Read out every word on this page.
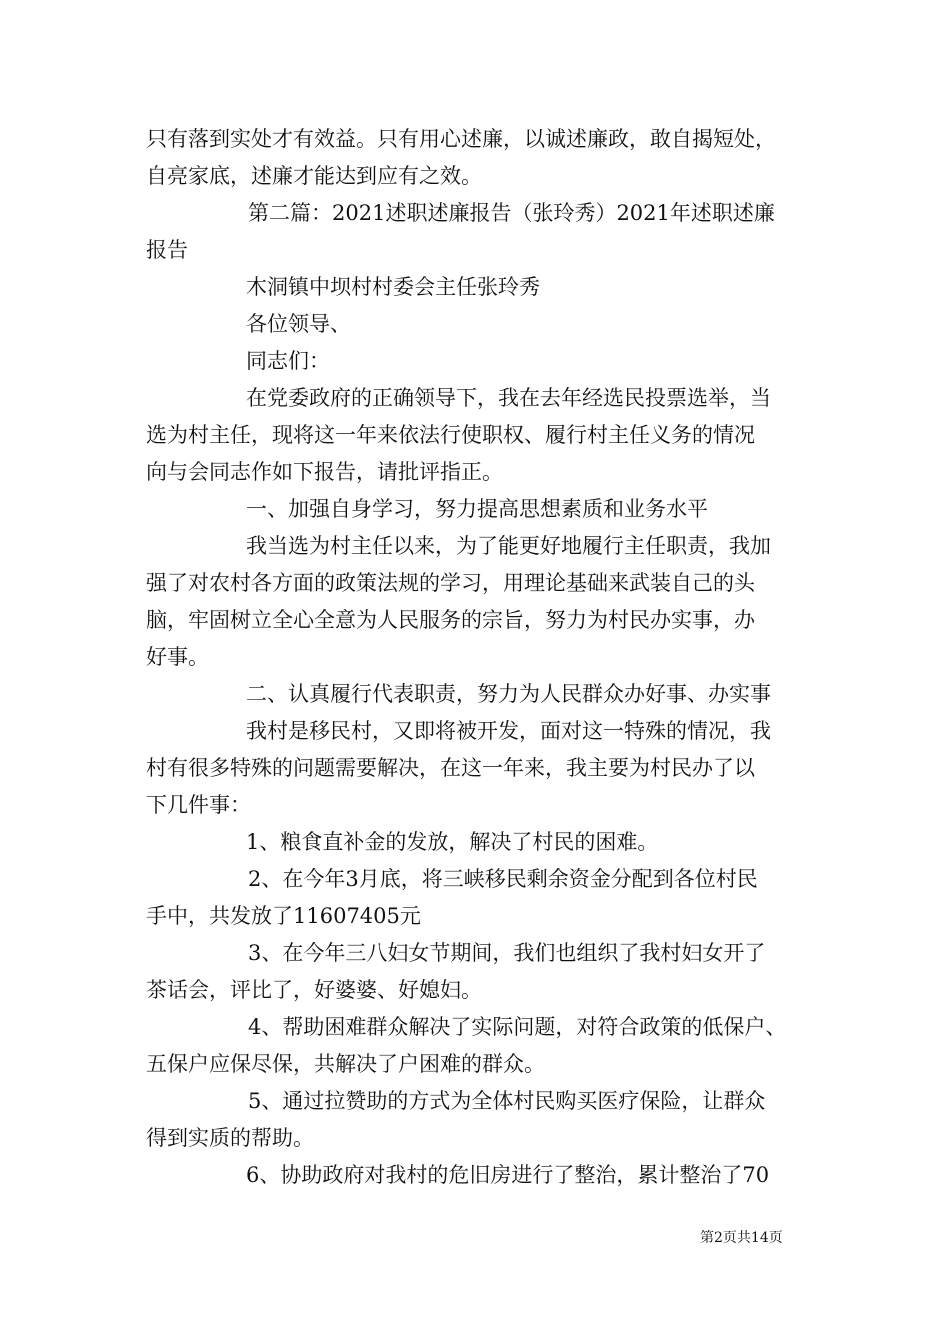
只有落到实处才有效益。只有用心述廉，以诚述廉政，敢自揭短处，
自亮家底，述廉才能达到应有之效。
第二篇：2021述职述廉报告（张玲秀）2021年述职述廉
报告
木洞镇中坝村村委会主任张玲秀
各位领导、
同志们：
在党委政府的正确领导下，我在去年经选民投票选举，当
选为村主任，现将这一年来依法行使职权、履行村主任义务的情况
向与会同志作如下报告，请批评指正。
一、加强自身学习，努力提高思想素质和业务水平
我当选为村主任以来，为了能更好地履行主任职责，我加
强了对农村各方面的政策法规的学习，用理论基础来武装自己的头
脑，牢固树立全心全意为人民服务的宗旨，努力为村民办实事，办
好事。
二、认真履行代表职责，努力为人民群众办好事、办实事
我村是移民村，又即将被开发，面对这一特殊的情况，我
村有很多特殊的问题需要解决，在这一年来，我主要为村民办了以
下几件事：
1、粮食直补金的发放，解决了村民的困难。
2、在今年3月底，将三峡移民剩余资金分配到各位村民
手中，共发放了11607405元
3、在今年三八妇女节期间，我们也组织了我村妇女开了
茶话会，评比了，好婆婆、好媳妇。
4、帮助困难群众解决了实际问题，对符合政策的低保户、
五保户应保尽保，共解决了户困难的群众。
5、通过拉赞助的方式为全体村民购买医疗保险，让群众
得到实质的帮助。
6、协助政府对我村的危旧房进行了整治，累计整治了70
第2页共14页
